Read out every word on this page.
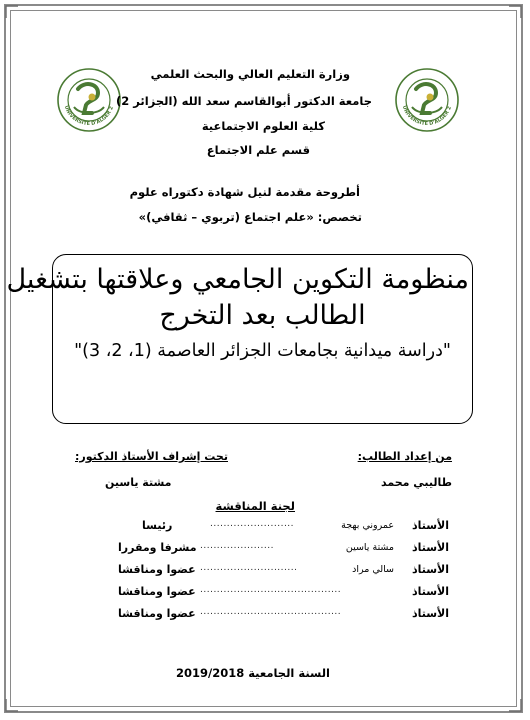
UNIVERSITE D'ALGER 2	UNIVERSITE D'ALGER 2
وزارة التعليم العالي والبحث العلمي
جامعة الدكتور أبوالقاسم سعد الله (الجزائر 2)
كلية العلوم الاجتماعية
قسم علم الاجتماع
أطروحة مقدمة لنيل شهادة دكتوراه علوم
تخصص: «علم اجتماع (تربوي – ثقافي)»
منظومة التكوين الجامعي وعلاقتها بتشغيل
الطالب بعد التخرج
"دراسة ميدانية بجامعات الجزائر العاصمة (1، 2، 3)"
من إعداد الطالب:
طاليبي محمد
تحت إشراف الأستاذ الدكتور:
مشتة ياسين
لجنة المناقشة
الأستاذ
عمروني بهجة
.........................
رئيسا
الأستاذ
مشتة ياسين
......................
مشرفا ومقررا
الأستاذ
سالي مراد
.............................
عضوا ومناقشا
الأستاذ
..........................................
عضوا ومناقشا
الأستاذ
..........................................
عضوا ومناقشا
السنة الجامعية 2019/2018
